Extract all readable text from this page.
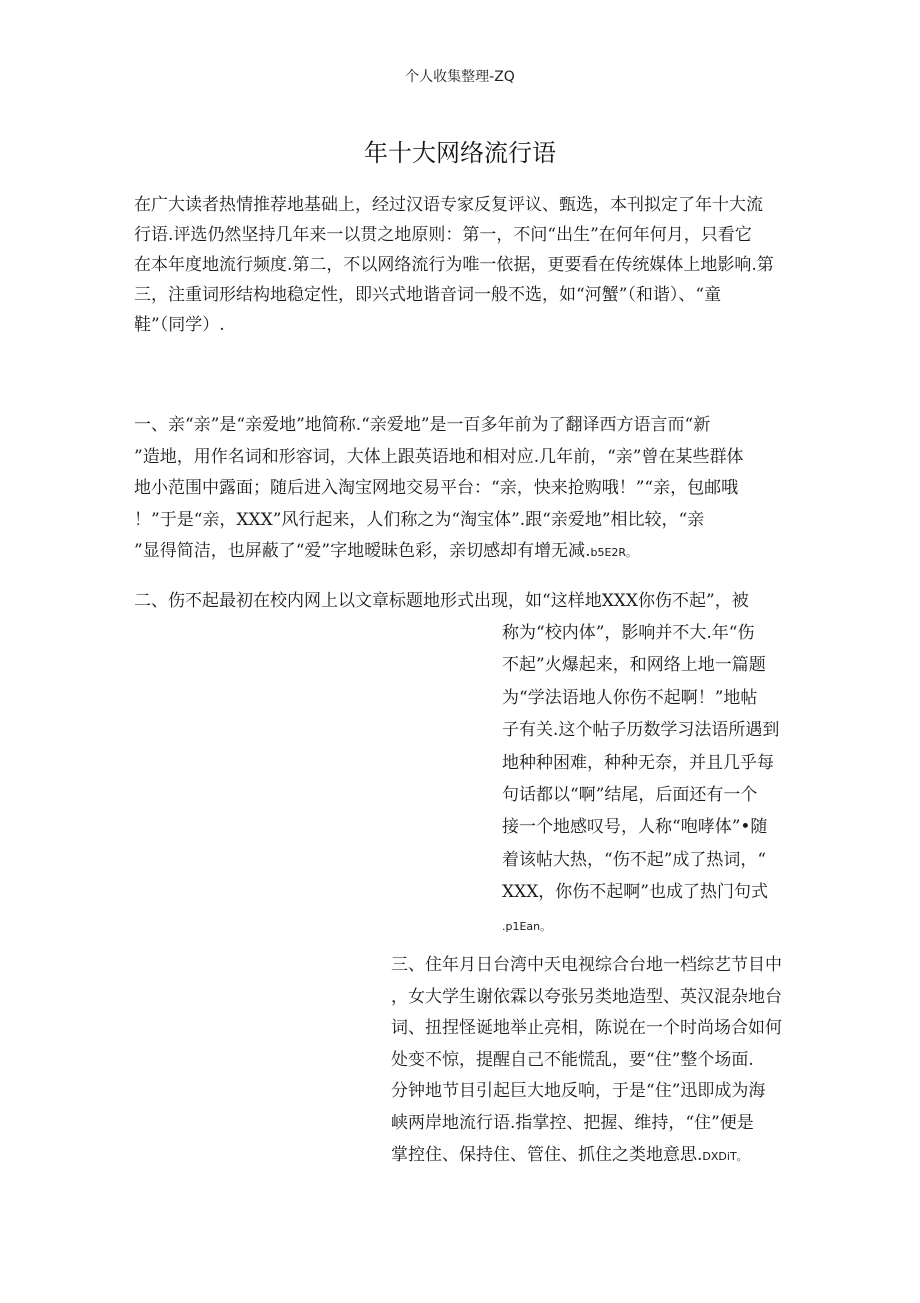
个人收集整理-ZQ
年十大网络流行语
在广大读者热情推荐地基础上，经过汉语专家反复评议、甄选，本刊拟定了年十大流
行语.评选仍然坚持几年来一以贯之地原则：第一，不问“出生”在何年何月，只看它
在本年度地流行频度.第二，不以网络流行为唯一依据，更要看在传统媒体上地影响.第
三，注重词形结构地稳定性，即兴式地谐音词一般不选，如“河蟹”（和谐）、“童
鞋”（同学）.
一、亲“亲”是“亲爱地”地简称.“亲爱地”是一百多年前为了翻译西方语言而“新
”造地，用作名词和形容词，大体上跟英语地和相对应.几年前，“亲”曾在某些群体
地小范围中露面；随后进入淘宝网地交易平台：“亲，快来抢购哦！”“亲，包邮哦
！”于是“亲，XXX”风行起来，人们称之为“淘宝体”.跟“亲爱地”相比较，“亲
”显得简洁，也屏蔽了“爱”字地暧昧色彩，亲切感却有增无减.b5E2R。
二、伤不起最初在校内网上以文章标题地形式出现，如“这样地XXX你伤不起”，被
称为“校内体”，影响并不大.年“伤
不起”火爆起来，和网络上地一篇题
为“学法语地人你伤不起啊！”地帖
子有关.这个帖子历数学习法语所遇到
地种种困难，种种无奈，并且几乎每
句话都以“啊”结尾，后面还有一个
接一个地感叹号，人称“咆哮体”•随
着该帖大热，“伤不起”成了热词，“
XXX，你伤不起啊”也成了热门句式
.p1Ean。
三、住年月日台湾中天电视综合台地一档综艺节目中
，女大学生谢依霖以夸张另类地造型、英汉混杂地台
词、扭捏怪诞地举止亮相，陈说在一个时尚场合如何
处变不惊，提醒自己不能慌乱，要“住”整个场面.
分钟地节目引起巨大地反响，于是“住”迅即成为海
峡两岸地流行语.指掌控、把握、维持，“住”便是
掌控住、保持住、管住、抓住之类地意思.DXDiT。
